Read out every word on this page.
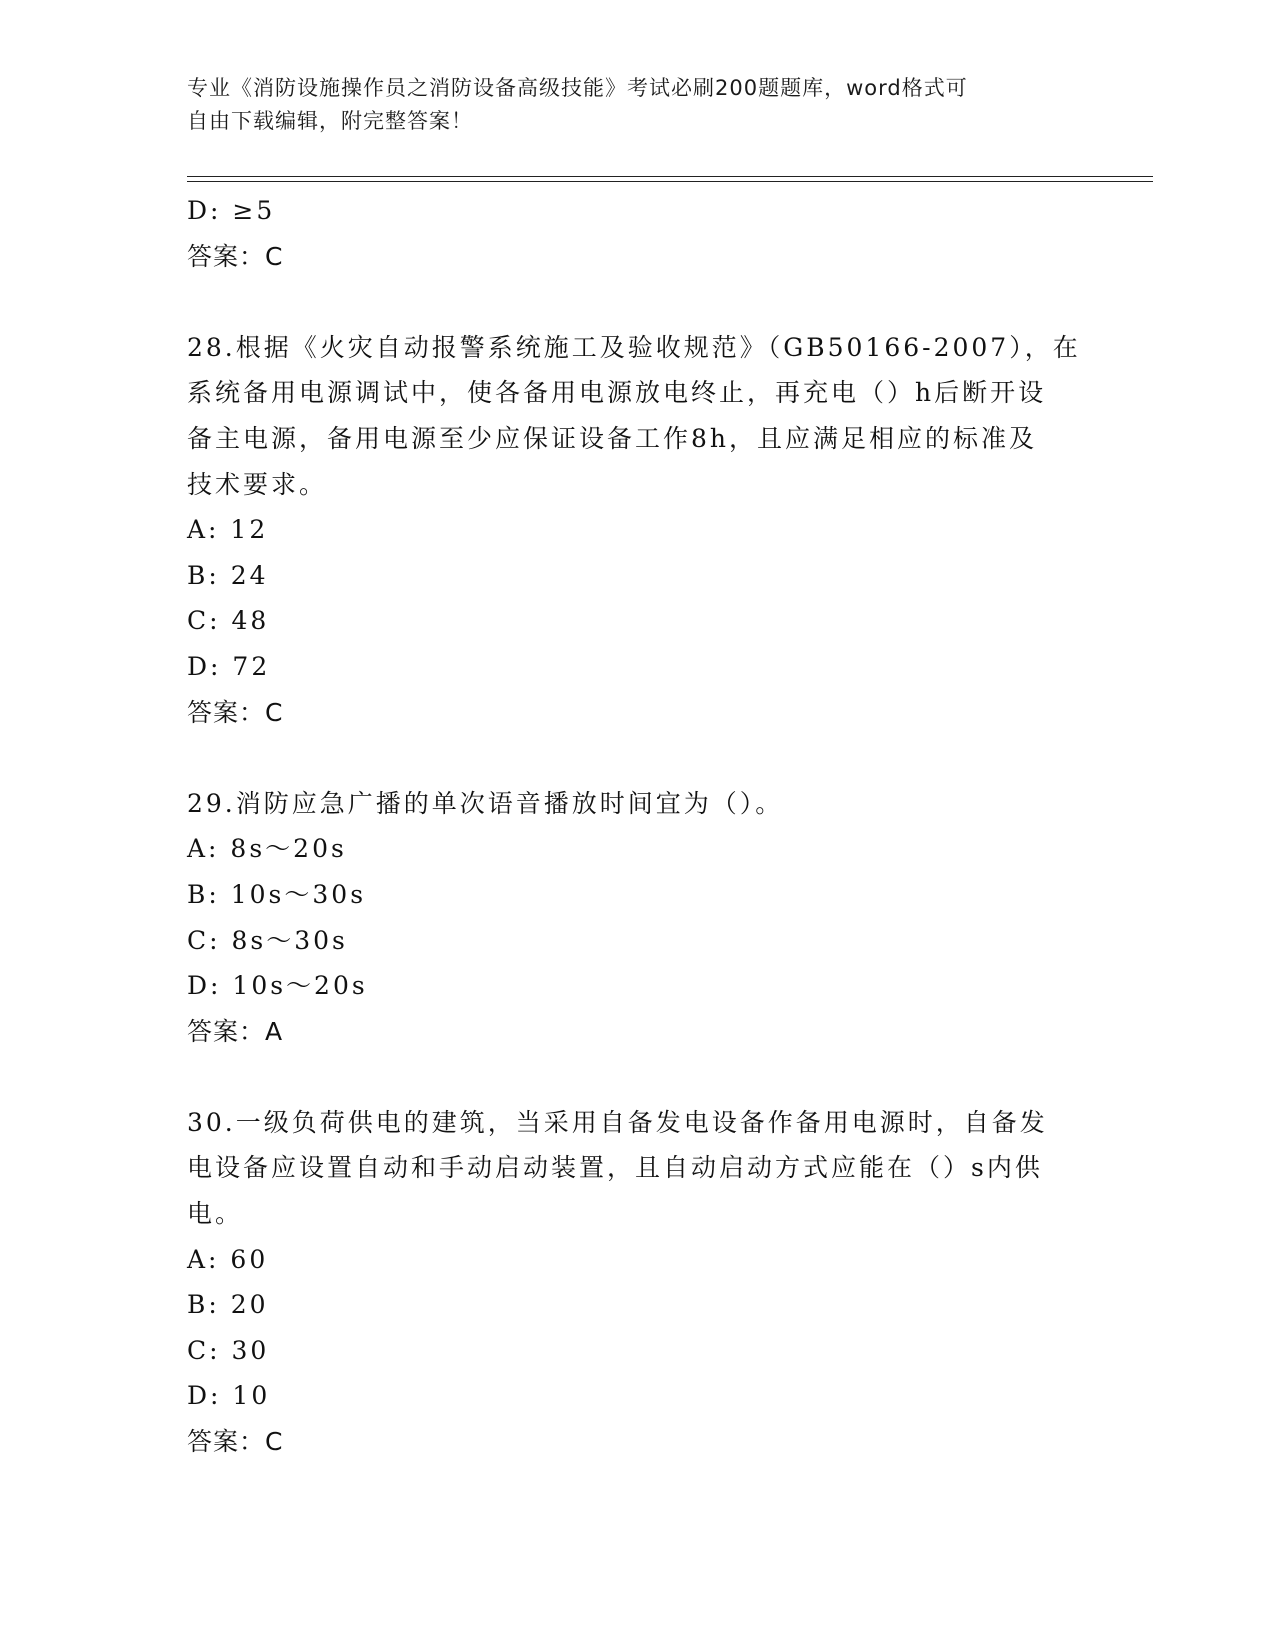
专业《消防设施操作员之消防设备高级技能》考试必刷200题题库，word格式可
自由下载编辑，附完整答案！
D: ≥5
答案：C
28.根据《火灾自动报警系统施工及验收规范》（GB50166-2007），在
系统备用电源调试中，使各备用电源放电终止，再充电（）h后断开设
备主电源，备用电源至少应保证设备工作8h，且应满足相应的标准及
技术要求。
A: 12
B: 24
C: 48
D: 72
答案：C
29.消防应急广播的单次语音播放时间宜为（）。
A: 8s～20s
B: 10s～30s
C: 8s～30s
D: 10s～20s
答案：A
30.一级负荷供电的建筑，当采用自备发电设备作备用电源时，自备发
电设备应设置自动和手动启动装置，且自动启动方式应能在（）s内供
电。
A: 60
B: 20
C: 30
D: 10
答案：C
